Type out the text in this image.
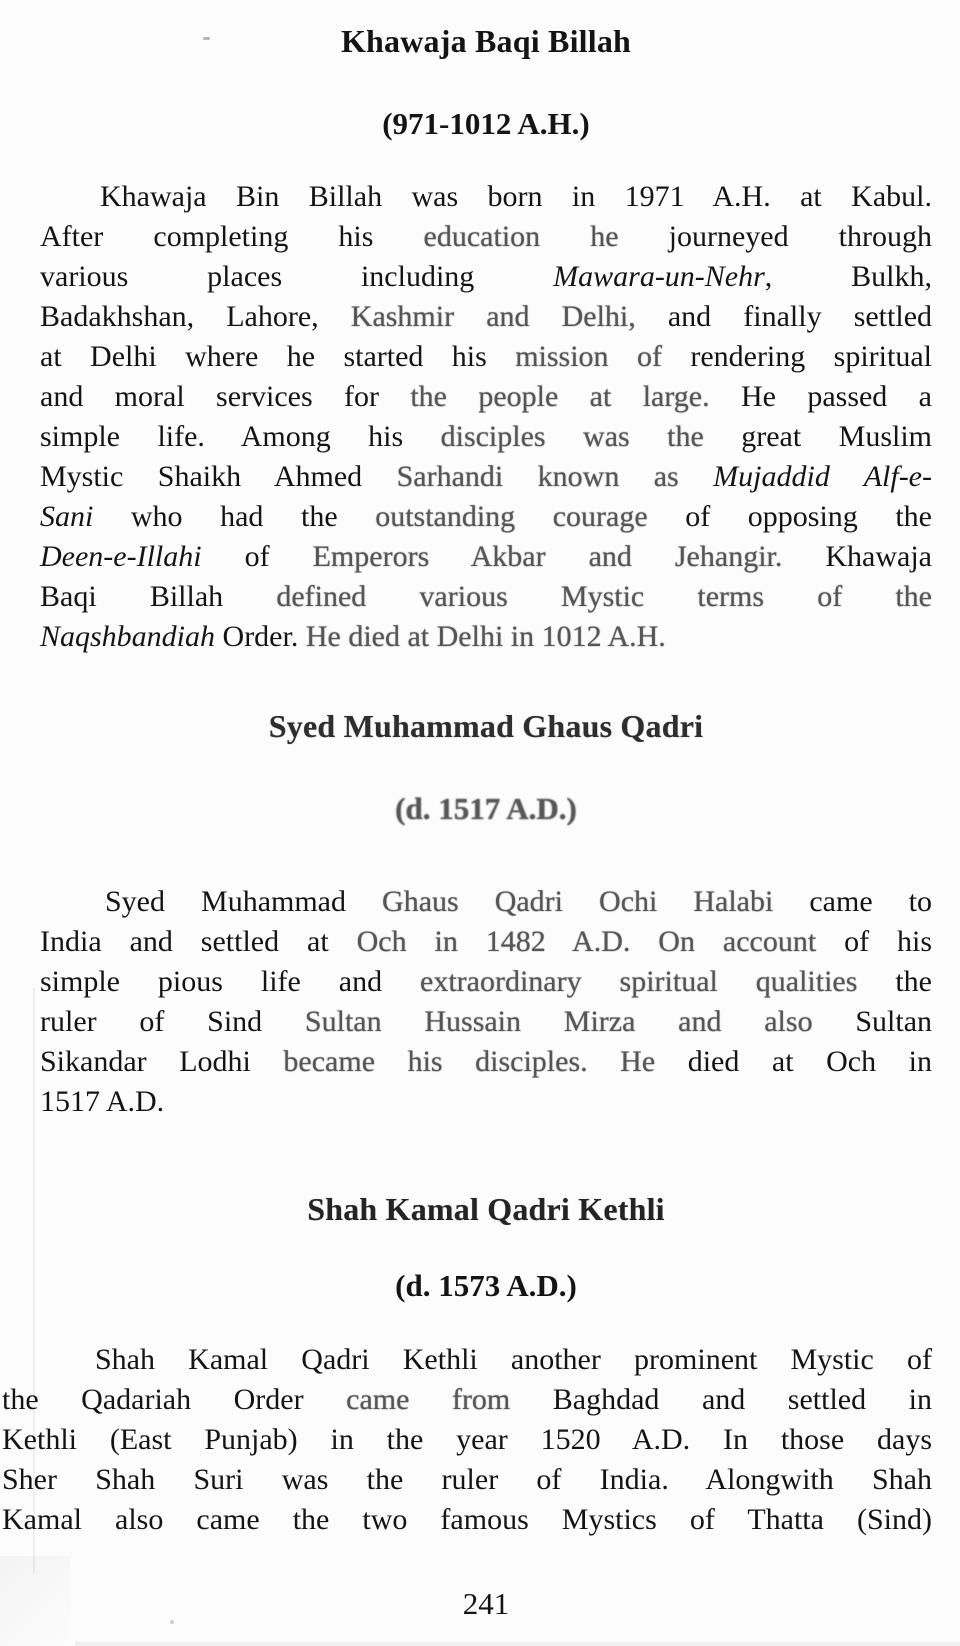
Khawaja Baqi Billah
(971-1012 A.H.)
Khawaja Bin Billah was born in 1971 A.H. at Kabul.
After completing his education he journeyed through
various places including Mawara-un-Nehr, Bulkh,
Badakhshan, Lahore, Kashmir and Delhi, and finally settled
at Delhi where he started his mission of rendering spiritual
and moral services for the people at large. He passed a
simple life. Among his disciples was the great Muslim
Mystic Shaikh Ahmed Sarhandi known as Mujaddid Alf-e-
Sani who had the outstanding courage of opposing the
Deen-e-Illahi of Emperors Akbar and Jehangir. Khawaja
Baqi Billah defined various Mystic terms of the
Naqshbandiah Order. He died at Delhi in 1012 A.H.
Syed Muhammad Ghaus Qadri
(d. 1517 A.D.)
Syed Muhammad Ghaus Qadri Ochi Halabi came to
India and settled at Och in 1482 A.D. On account of his
simple pious life and extraordinary spiritual qualities the
ruler of Sind Sultan Hussain Mirza and also Sultan
Sikandar Lodhi became his disciples. He died at Och in
1517 A.D.
Shah Kamal Qadri Kethli
(d. 1573 A.D.)
Shah Kamal Qadri Kethli another prominent Mystic of
the Qadariah Order came from Baghdad and settled in
Kethli (East Punjab) in the year 1520 A.D. In those days
Sher Shah Suri was the ruler of India. Alongwith Shah
Kamal also came the two famous Mystics of Thatta (Sind)
241
